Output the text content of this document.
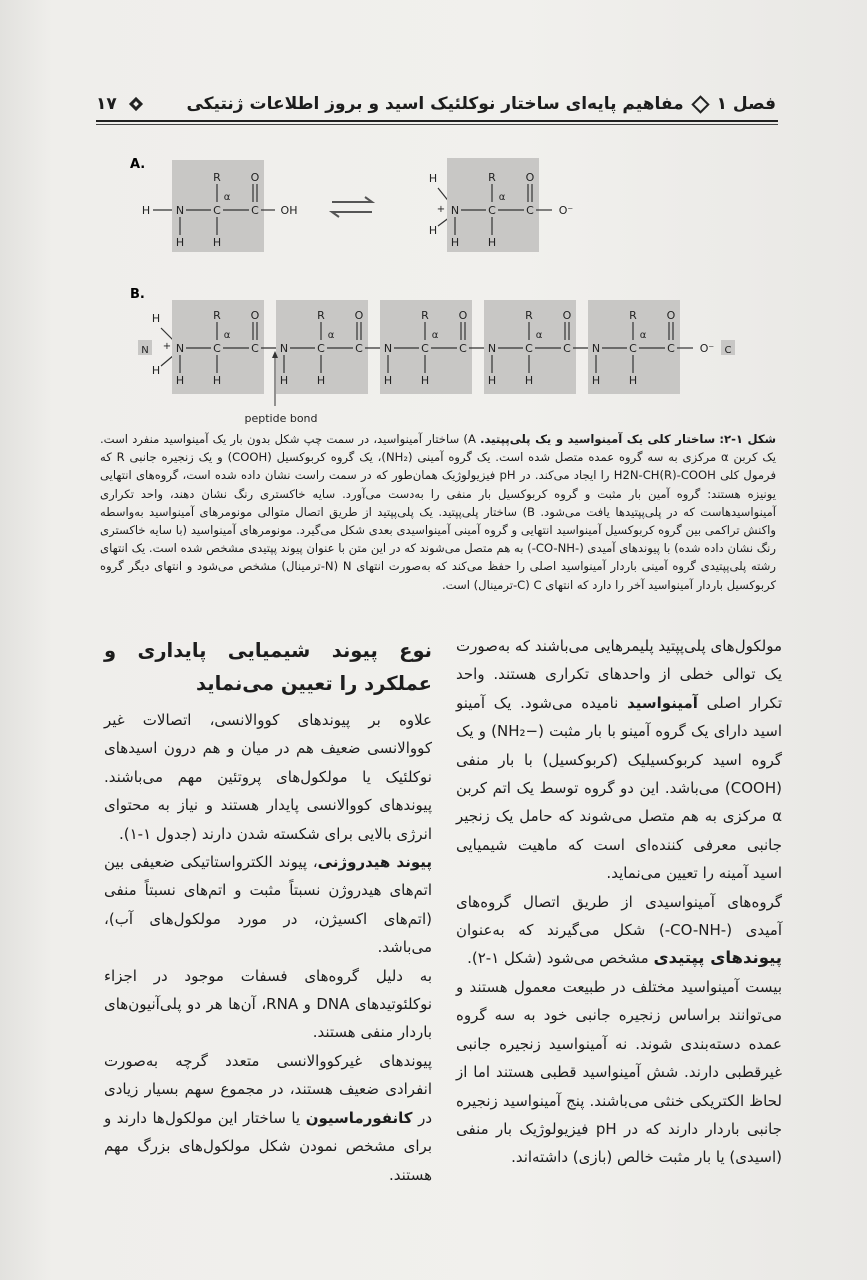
فصل ۱
مفاهیم پایه‌ای ساختار نوکلئیک اسید و بروز اطلاعات ژنتیکی
۱۷
A.
B.
H N	C	C
R
α
H
O
H
OH
H
+
H
N	C	C
R
α
H
O
H
O⁻
N
H
+
H
N	C	C
R
α
H
O
H
N	C	C
R
α
H
O
H
N	C	C
R
α
H
O
H
N	C	C
R
α
H
O
H
N	C	C
R
α
H
O
H
O⁻ C
peptide bond
شکل ۱-۲: ساختار کلی یک آمینواسید و یک پلی‌پپتید. A) ساختار آمینواسید، در سمت چپ شکل بدون بار یک آمینواسید منفرد است. یک کربن α مرکزی به سه گروه عمده متصل شده است. یک گروه آمینی (NH₂)، یک گروه کربوکسیل (COOH) و یک زنجیره جانبی R که فرمول کلی ‎H2N-CH(R)-COOH‎ را ایجاد می‌کند. در pH فیزیولوژیک همان‌طور که در سمت راست نشان داده شده است، گروه‌های انتهایی یونیزه هستند: گروه آمین بار مثبت و گروه کربوکسیل بار منفی را به‌دست می‌آورد. سایه خاکستری رنگ نشان دهند، واحد تکراری آمینواسیدهاست که در پلی‌پپتیدها یافت می‌شود. B) ساختار پلی‌پپتید. یک پلی‌پپتید از طریق اتصال متوالی مونومرهای آمینواسید به‌واسطه واکنش تراکمی بین گروه کربوکسیل آمینواسید انتهایی و گروه آمینی آمینواسیدی بعدی شکل می‌گیرد. مونومرهای آمینواسید (با سایه خاکستری رنگ نشان داده شده) با پیوندهای آمیدی (‎-CO-NH-‎) به هم متصل می‌شوند که در این متن با عنوان پیوند پپتیدی مشخص شده است. یک انتهای رشته پلی‌پپتیدی گروه آمینی باردار آمینواسید اصلی را حفظ می‌کند که به‌صورت انتهای N (N-ترمینال) مشخص می‌شود و انتهای دیگر گروه کربوکسیل باردار آمینواسید آخر را دارد که انتهای C (C-ترمینال) است.

مولکول‌های پلی‌پپتید پلیمرهایی می‌باشند که به‌صورت یک توالی خطی از واحدهای تکراری هستند. واحد تکرار اصلی آمینواسید نامیده می‌شود. یک آمینو اسید دارای یک گروه آمینو با بار مثبت (‎NH₂−‎) و یک گروه اسید کربوکسیلیک (کربوکسیل) با بار منفی (COOH) می‌باشد. این دو گروه توسط یک اتم کربن α مرکزی به هم متصل می‌شوند که حامل یک زنجیر جانبی معرفی کننده‌ای است که ماهیت شیمیایی اسید آمینه را تعیین می‌نماید.

گروه‌های آمینواسیدی از طریق اتصال گروه‌های آمیدی (‎-CO-NH-‎) شکل می‌گیرند که به‌عنوان پیوندهای پپتیدی مشخص می‌شود (شکل ۱-۲).

بیست آمینواسید مختلف در طبیعت معمول هستند و می‌توانند براساس زنجیره جانبی خود به سه گروه عمده دسته‌بندی شوند. نه آمینواسید زنجیره جانبی غیرقطبی دارند. شش آمینواسید قطبی هستند اما از لحاظ الکتریکی خنثی می‌باشند. پنج آمینواسید زنجیره جانبی باردار دارند که در pH فیزیولوژیک بار منفی (اسیدی) یا بار مثبت خالص (بازی) داشته‌اند.

نوع پیوند شیمیایی پایداری و عملکرد را تعیین می‌نماید

علاوه بر پیوندهای کووالانسی، اتصالات غیر کووالانسی ضعیف هم در میان و هم درون اسیدهای نوکلئیک یا مولکول‌های پروتئین مهم می‌باشند. پیوندهای کووالانسی پایدار هستند و نیاز به محتوای انرژی بالایی برای شکسته شدن دارند (جدول ۱-۱).

پیوند هیدروژنی، پیوند الکترواستاتیکی ضعیفی بین اتم‌های هیدروژن نسبتاً مثبت و اتم‌های نسبتاً منفی (اتم‌های اکسیژن، در مورد مولکول‌های آب)، می‌باشد.

به دلیل گروه‌های فسفات موجود در اجزاء نوکلئوتیدهای DNA و RNA، آن‌ها هر دو پلی‌آنیون‌های باردار منفی هستند.

پیوندهای غیرکووالانسی متعدد گرچه به‌صورت انفرادی ضعیف هستند، در مجموع سهم بسیار زیادی در کانفورماسیون یا ساختار این مولکول‌ها دارند و برای مشخص نمودن شکل مولکول‌های بزرگ مهم هستند.
